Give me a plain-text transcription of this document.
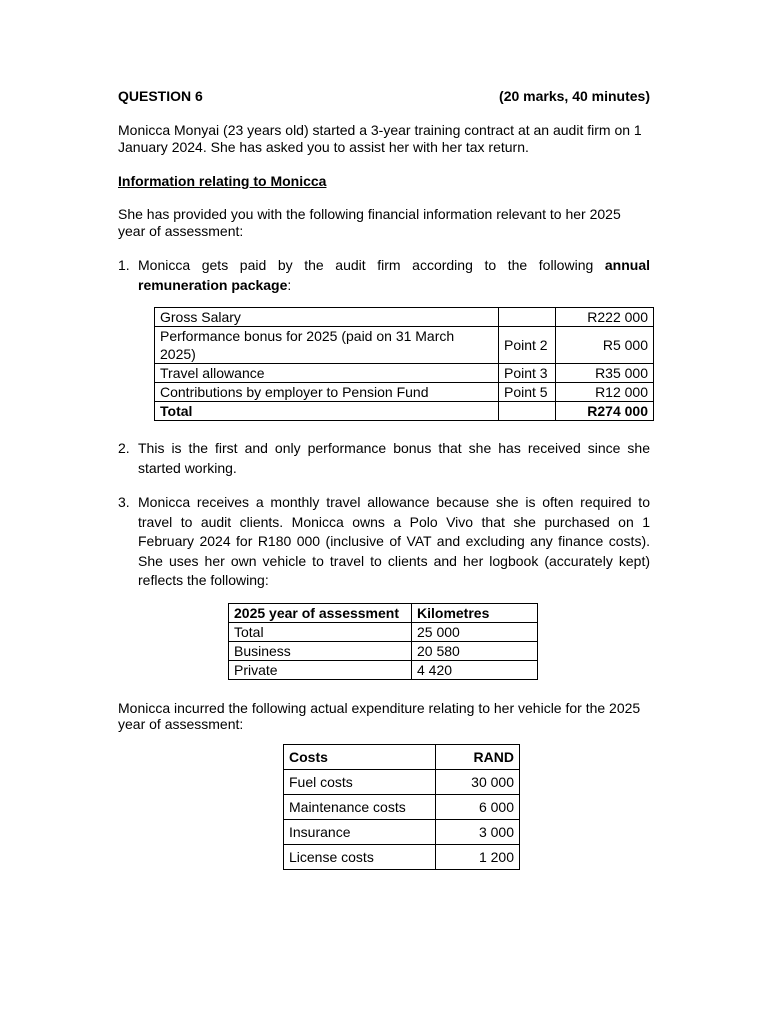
QUESTION 6	(20 marks, 40 minutes)

Monicca Monyai (23 years old) started a 3-year training contract at an audit firm on 1 January 2024. She has asked you to assist her with her tax return.

Information relating to Monicca

She has provided you with the following financial information relevant to her 2025 year of assessment:

1. Monicca gets paid by the audit firm according to the following annual remuneration package:
Gross Salary		R222 000
Performance bonus for 2025 (paid on 31 March 2025)	Point 2	R5 000
Travel allowance	Point 3	R35 000
Contributions by employer to Pension Fund	Point 5	R12 000
Total		R274 000
2. This is the first and only performance bonus that she has received since she started working.
3. Monicca receives a monthly travel allowance because she is often required to travel to audit clients. Monicca owns a Polo Vivo that she purchased on 1 February 2024 for R180 000 (inclusive of VAT and excluding any finance costs). She uses her own vehicle to travel to clients and her logbook (accurately kept) reflects the following:
2025 year of assessment	Kilometres
Total	25 000
Business	20 580
Private	4 420

Monicca incurred the following actual expenditure relating to her vehicle for the 2025 year of assessment:

Costs	RAND
Fuel costs	30 000
Maintenance costs	6 000
Insurance	3 000
License costs	1 200
